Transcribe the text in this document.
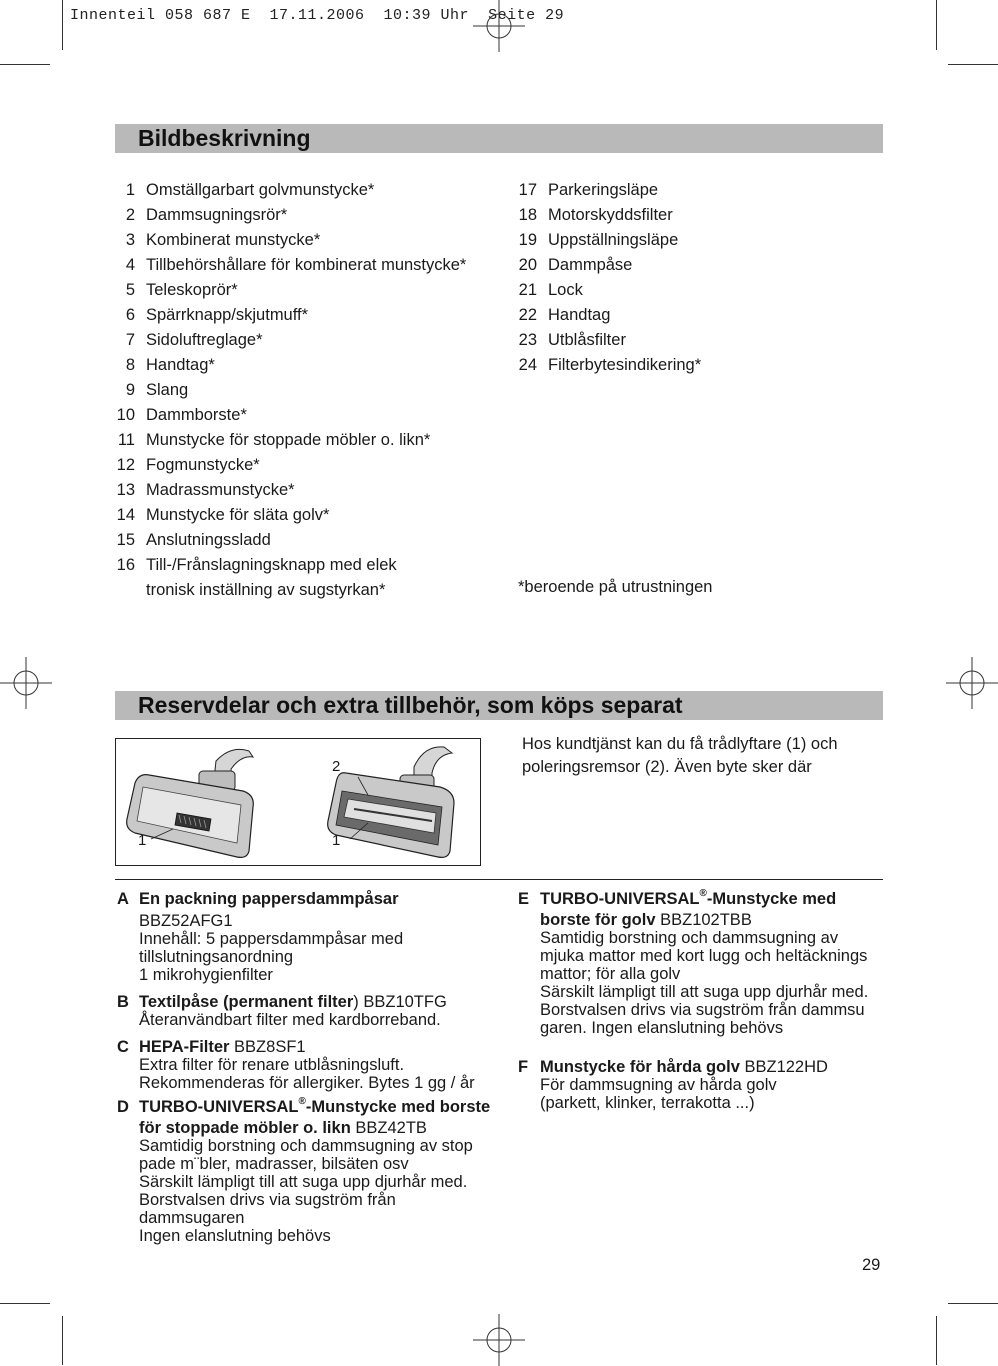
Innenteil 058 687 E  17.11.2006  10:39 Uhr  Seite 29
Bildbeskrivning
1 Omställgarbart golvmunstycke*
2 Dammsugningsrör*
3 Kombinerat munstycke*
4 Tillbehörshållare för kombinerat munstycke*
5 Teleskoprör*
6 Spärrknapp/skjutmuff*
7 Sidoluftreglage*
8 Handtag*
9 Slang
10 Dammborste*
11 Munstycke för stoppade möbler o. likn*
12 Fogmunstycke*
13 Madrassmunstycke*
14 Munstycke för släta golv*
15 Anslutningssladd
16 Till-/Frånslagningsknapp med elek
tronisk inställning av sugstyrkan*
17 Parkeringsläpe
18 Motorskyddsfilter
19 Uppställningsläpe
20 Dammpåse
21 Lock
22 Handtag
23 Utblåsfilter
24 Filterbytesindikering*
*beroende på utrustningen
Reservdelar och extra tillbehör, som köps separat
1
2
1
Hos kundtjänst kan du få trådlyftare (1) och
poleringsremsor (2). Även byte sker där
A En packning pappersdammpåsar
BBZ52AFG1
Innehåll: 5 pappersdammpåsar med
tillslutningsanordning
1 mikrohygienfilter
B Textilpåse (permanent filter) BBZ10TFG
Återanvändbart filter med kardborreband.
C HEPA-Filter BBZ8SF1
Extra filter för renare utblåsningsluft.
Rekommenderas för allergiker. Bytes 1 gg / år
D TURBO-UNIVERSAL®-Munstycke med borste
för stoppade möbler o. likn BBZ42TB
Samtidig borstning och dammsugning av stop
pade m¨bler, madrasser, bilsäten osv
Särskilt lämpligt till att suga upp djurhår med.
Borstvalsen drivs via sugström från
dammsugaren
Ingen elanslutning behövs
E TURBO-UNIVERSAL®-Munstycke med
borste för golv BBZ102TBB
Samtidig borstning och dammsugning av
mjuka mattor med kort lugg och heltäcknings
mattor; för alla golv
Särskilt lämpligt till att suga upp djurhår med.
Borstvalsen drivs via sugström från dammsu
garen. Ingen elanslutning behövs
F Munstycke för hårda golv BBZ122HD
För dammsugning av hårda golv
(parkett, klinker, terrakotta ...)
29
